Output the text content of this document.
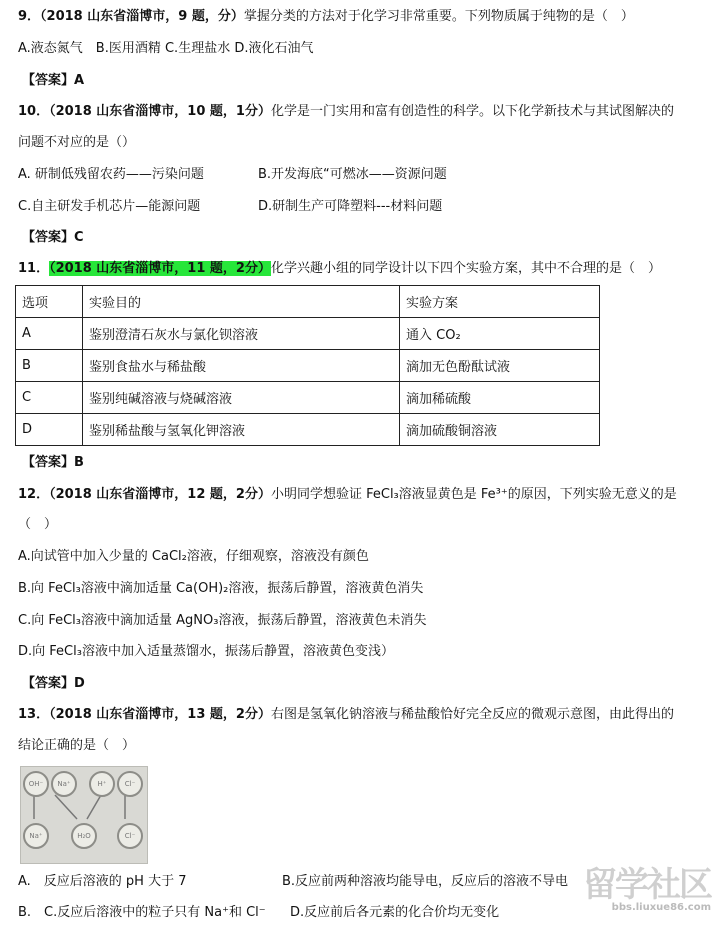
9．（2018 山东省淄博市，9 题，分）掌握分类的方法对于化学习非常重要。下列物质属于纯物的是（　）
A.液态氮气　B.医用酒精 C.生理盐水 D.液化石油气
【答案】A
10．（2018 山东省淄博市，10 题，1分）化学是一门实用和富有创造性的科学。以下化学新技术与其试图解决的
问题不对应的是（）
A. 研制低残留农药——污染问题	B.开发海底“可燃冰——资源问题
C.自主研发手机芯片—能源问题	D.研制生产可降塑料---材料问题
【答案】C
11．（2018 山东省淄博市，11 题，2分）化学兴趣小组的同学设计以下四个实验方案，其中不合理的是（　）
选项	实验目的	实验方案
A	鉴别澄清石灰水与氯化钡溶液	通入 CO₂
B	鉴别食盐水与稀盐酸	滴加无色酚酞试液
C	鉴别纯碱溶液与烧碱溶液	滴加稀硫酸
D	鉴别稀盐酸与氢氧化钾溶液	滴加硫酸铜溶液
【答案】B
12．（2018 山东省淄博市，12 题，2分）小明同学想验证 FeCl₃溶液显黄色是 Fe³⁺的原因，下列实验无意义的是
（　）
A.向试管中加入少量的 CaCl₂溶液，仔细观察，溶液没有颜色
B.向 FeCl₃溶液中滴加适量 Ca(OH)₂溶液，振荡后静置，溶液黄色消失
C.向 FeCl₃溶液中滴加适量 AgNO₃溶液，振荡后静置，溶液黄色未消失
D.向 FeCl₃溶液中加入适量蒸馏水，振荡后静置，溶液黄色变浅）
【答案】D
13．（2018 山东省淄博市，13 题，2分）右图是氢氧化钠溶液与稀盐酸恰好完全反应的微观示意图，由此得出的
结论正确的是（　）
OH⁻	Na⁺	H⁺	Cl⁻
Na⁺	H₂O	Cl⁻
A.　反应后溶液的 pH 大于 7	B.反应前两种溶液均能导电，反应后的溶液不导电
B.　C.反应后溶液中的粒子只有 Na⁺和 Cl⁻ D.反应前后各元素的化合价均无变化
留学社区
bbs.liuxue86.com
